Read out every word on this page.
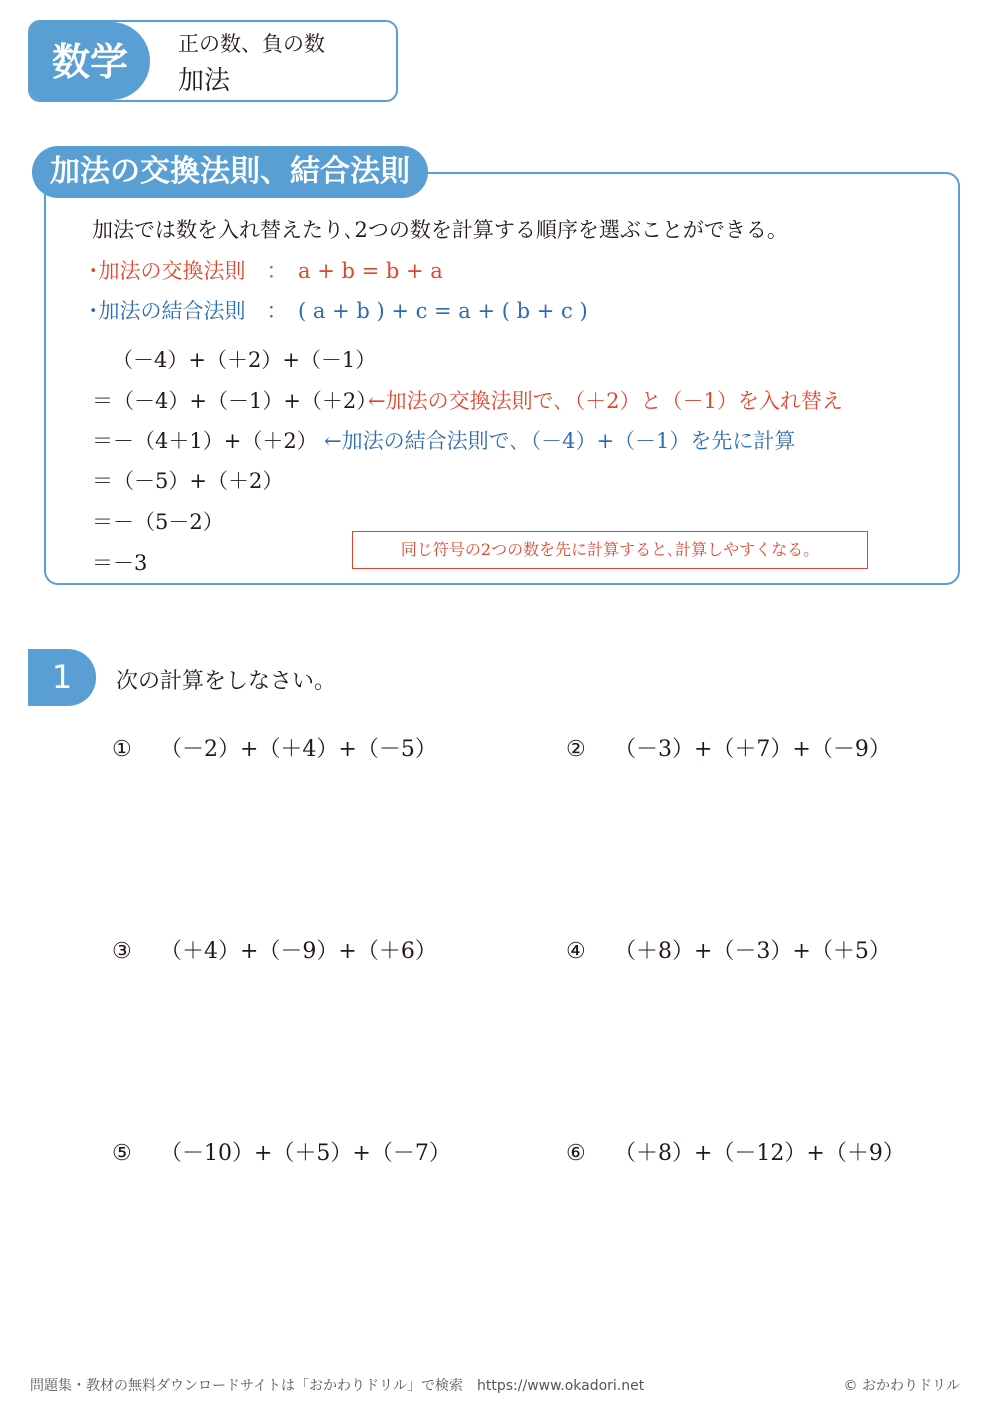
数学	正の数、負の数
加法
加法の交換法則、結合法則
加法では数を入れ替えたり､2つの数を計算する順序を選ぶことができる。
･加法の交換法則　：　a + b = b + a
･加法の結合法則　：　( a + b ) + c = a + ( b + c )
（－4）+（＋2）+（－1）
＝（－4）+（－1）+（＋2）
←加法の交換法則で､（＋2）と（－1）を入れ替え
＝－（4＋1）+（＋2） ←加法の結合法則で､（－4）+（－1）を先に計算
＝（－5）+（＋2）
＝－（5－2）
＝－3
同じ符号の2つの数を先に計算すると､計算しやすくなる。
1	次の計算をしなさい。
① （－2）+（＋4）+（－5）	② （－3）+（＋7）+（－9）
③ （＋4）+（－9）+（＋6）	④ （＋8）+（－3）+（＋5）
⑤ （－10）+（＋5）+（－7）	⑥ （＋8）+（－12）+（＋9）
問題集・教材の無料ダウンロードサイトは「おかわりドリル」で検索　https://www.okadori.net	© おかわりドリル
